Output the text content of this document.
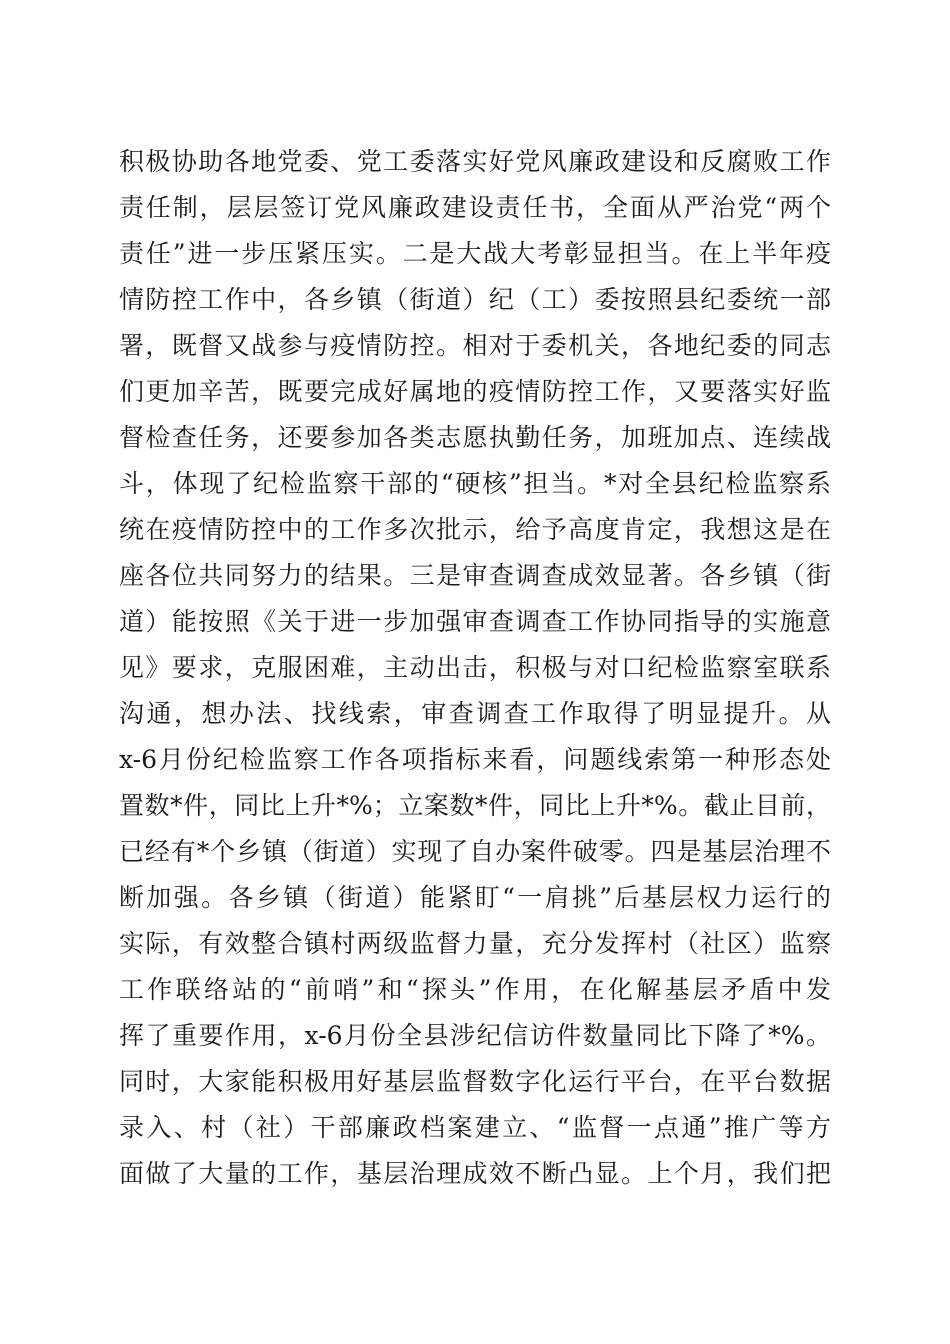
积极协助各地党委、党工委落实好党风廉政建设和反腐败工作
责任制，层层签订党风廉政建设责任书，全面从严治党“两个
责任”进一步压紧压实。二是大战大考彰显担当。在上半年疫
情防控工作中，各乡镇（街道）纪（工）委按照县纪委统一部
署，既督又战参与疫情防控。相对于委机关，各地纪委的同志
们更加辛苦，既要完成好属地的疫情防控工作，又要落实好监
督检查任务，还要参加各类志愿执勤任务，加班加点、连续战
斗，体现了纪检监察干部的“硬核”担当。*对全县纪检监察系
统在疫情防控中的工作多次批示，给予高度肯定，我想这是在
座各位共同努力的结果。三是审查调查成效显著。各乡镇（街
道）能按照《关于进一步加强审查调查工作协同指导的实施意
见》要求，克服困难，主动出击，积极与对口纪检监察室联系
沟通，想办法、找线索，审查调查工作取得了明显提升。从
x-6月份纪检监察工作各项指标来看，问题线索第一种形态处
置数*件，同比上升*%；立案数*件，同比上升*%。截止目前，
已经有*个乡镇（街道）实现了自办案件破零。四是基层治理不
断加强。各乡镇（街道）能紧盯“一肩挑”后基层权力运行的
实际，有效整合镇村两级监督力量，充分发挥村（社区）监察
工作联络站的“前哨”和“探头”作用，在化解基层矛盾中发
挥了重要作用，x-6月份全县涉纪信访件数量同比下降了*%。
同时，大家能积极用好基层监督数字化运行平台，在平台数据
录入、村（社）干部廉政档案建立、“监督一点通”推广等方
面做了大量的工作，基层治理成效不断凸显。上个月，我们把
